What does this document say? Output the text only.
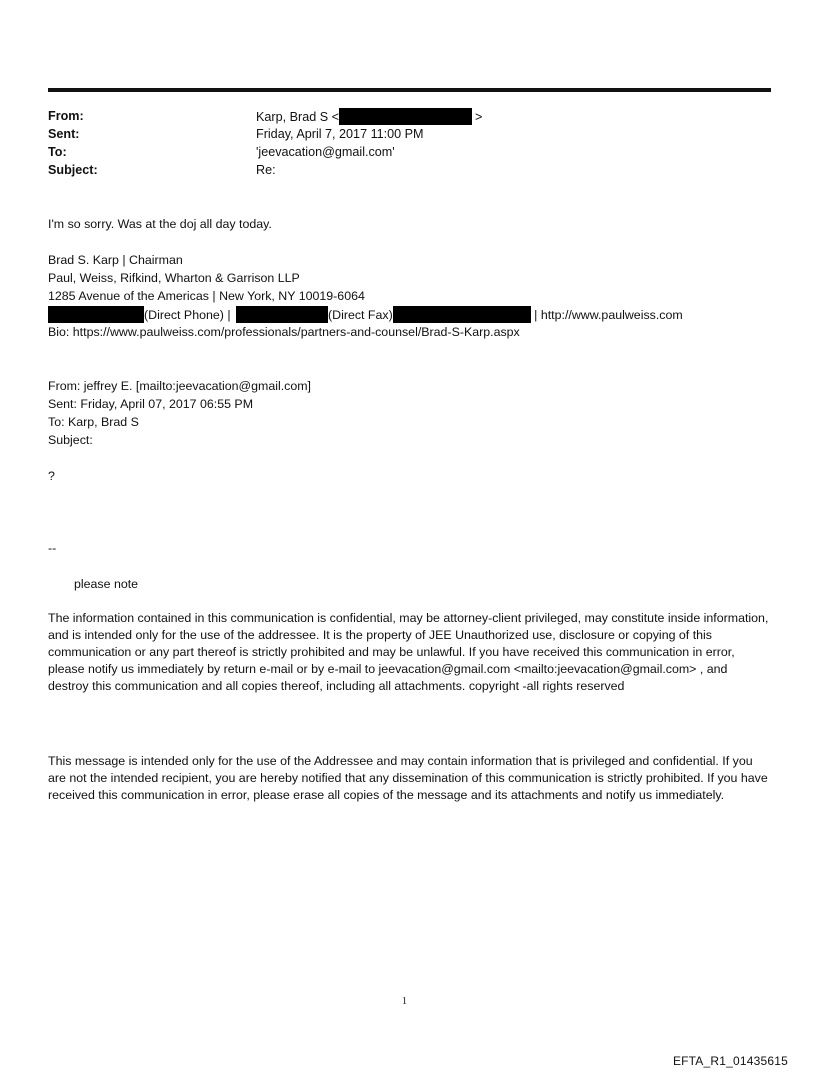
From:	Karp, Brad S <	>
Sent:	Friday, April 7, 2017 11:00 PM
To:	'jeevacation@gmail.com'
Subject:	Re:
I'm so sorry. Was at the doj all day today.
Brad S. Karp | Chairman
Paul, Weiss, Rifkind, Wharton & Garrison LLP
1285 Avenue of the Americas | New York, NY 10019-6064
(Direct Phone) |	(Direct Fax)	| http://www.paulweiss.com
Bio: https://www.paulweiss.com/professionals/partners-and-counsel/Brad-S-Karp.aspx
From: jeffrey E. [mailto:jeevacation@gmail.com]
Sent: Friday, April 07, 2017 06:55 PM
To: Karp, Brad S
Subject:
?
--
please note
The information contained in this communication is confidential, may be attorney-client privileged, may constitute inside information, and is intended only for the use of the addressee. It is the property of JEE Unauthorized use, disclosure or copying of this communication or any part thereof is strictly prohibited and may be unlawful. If you have received this communication in error, please notify us immediately by return e-mail or by e-mail to jeevacation@gmail.com <mailto:jeevacation@gmail.com> , and destroy this communication and all copies thereof, including all attachments. copyright -all rights reserved
This message is intended only for the use of the Addressee and may contain information that is privileged and confidential. If you are not the intended recipient, you are hereby notified that any dissemination of this communication is strictly prohibited. If you have received this communication in error, please erase all copies of the message and its attachments and notify us immediately.
1
EFTA_R1_01435615
